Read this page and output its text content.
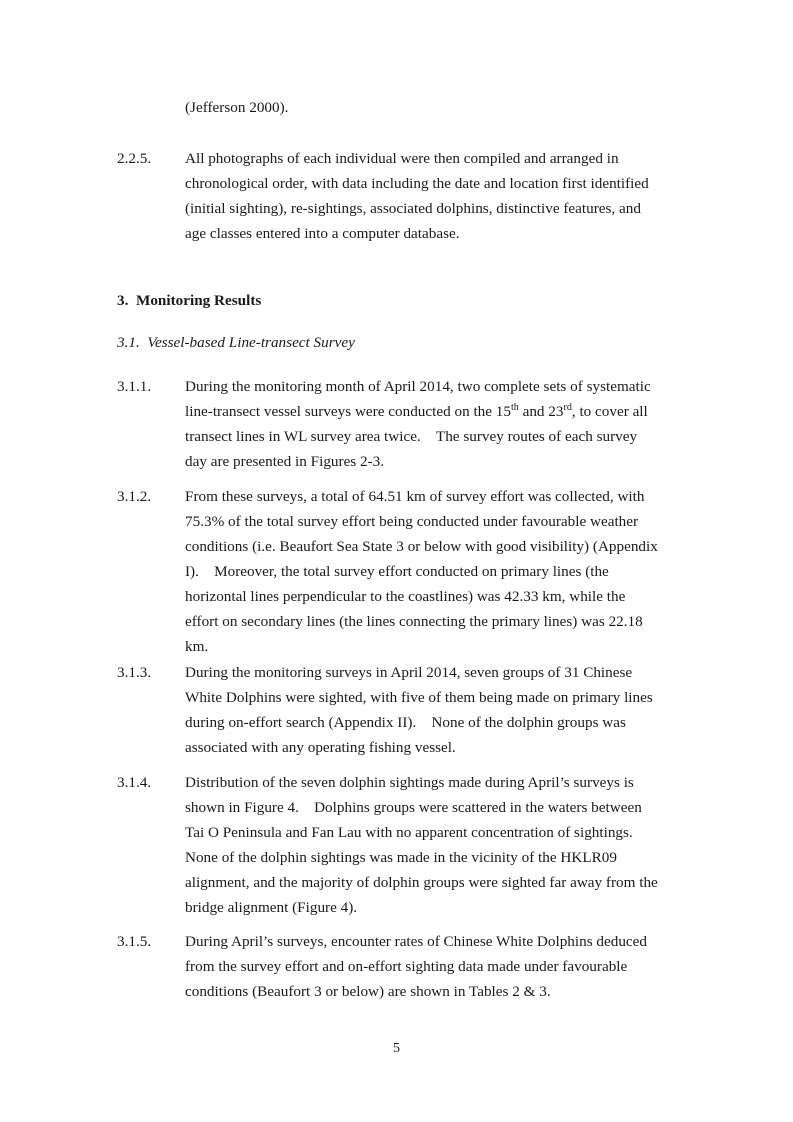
(Jefferson 2000).

2.2.5. All photographs of each individual were then compiled and arranged in
chronological order, with data including the date and location first identified
(initial sighting), re-sightings, associated dolphins, distinctive features, and
age classes entered into a computer database.
3.  Monitoring Results
3.1.  Vessel-based Line-transect Survey
3.1.1. During the monitoring month of April 2014, two complete sets of systematic
line-transect vessel surveys were conducted on the 15th and 23rd, to cover all
transect lines in WL survey area twice.    The survey routes of each survey
day are presented in Figures 2-3.
3.1.2. From these surveys, a total of 64.51 km of survey effort was collected, with
75.3% of the total survey effort being conducted under favourable weather
conditions (i.e. Beaufort Sea State 3 or below with good visibility) (Appendix
I).    Moreover, the total survey effort conducted on primary lines (the
horizontal lines perpendicular to the coastlines) was 42.33 km, while the
effort on secondary lines (the lines connecting the primary lines) was 22.18
km.
3.1.3. During the monitoring surveys in April 2014, seven groups of 31 Chinese
White Dolphins were sighted, with five of them being made on primary lines
during on-effort search (Appendix II).    None of the dolphin groups was
associated with any operating fishing vessel.
3.1.4. Distribution of the seven dolphin sightings made during April’s surveys is
shown in Figure 4.    Dolphins groups were scattered in the waters between
Tai O Peninsula and Fan Lau with no apparent concentration of sightings.
None of the dolphin sightings was made in the vicinity of the HKLR09
alignment, and the majority of dolphin groups were sighted far away from the
bridge alignment (Figure 4).
3.1.5. During April’s surveys, encounter rates of Chinese White Dolphins deduced
from the survey effort and on-effort sighting data made under favourable
conditions (Beaufort 3 or below) are shown in Tables 2 & 3.
5
